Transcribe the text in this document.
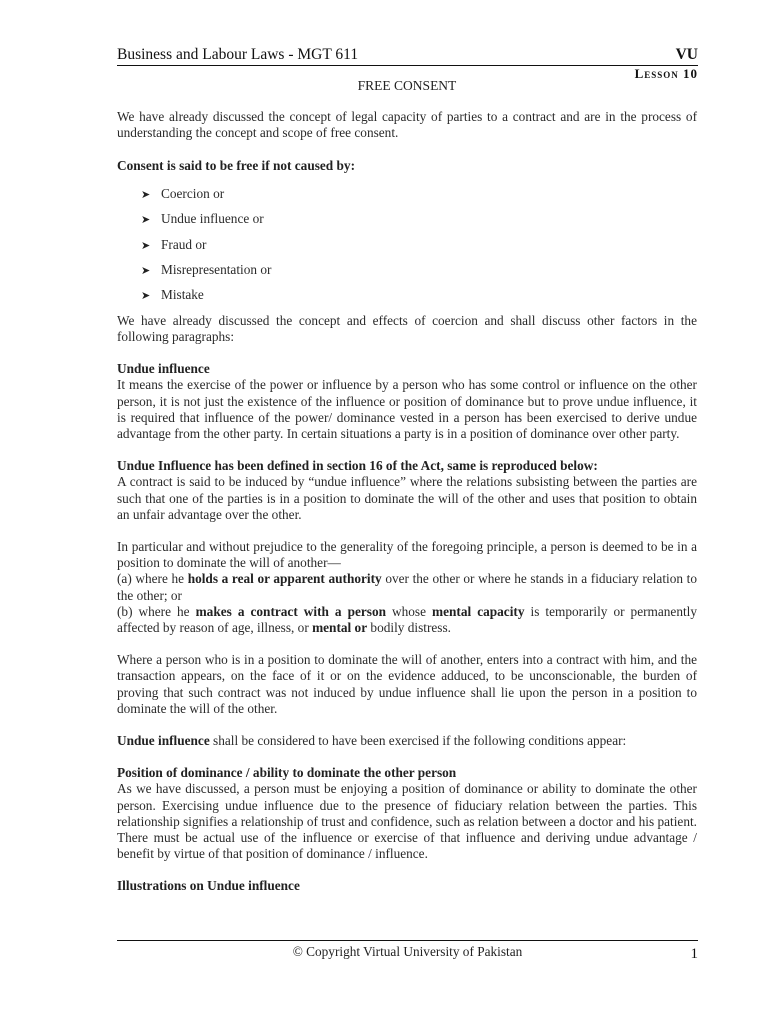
Business and Labour Laws - MGT 611	VU
Lesson 10
FREE CONSENT

We have already discussed the concept of legal capacity of parties to a contract and are in the process of understanding the concept and scope of free consent.

Consent is said to be free if not caused by:

➤ Coercion or
➤ Undue influence or
➤ Fraud or
➤ Misrepresentation or
➤ Mistake

We have already discussed the concept and effects of coercion and shall discuss other factors in the following paragraphs:

Undue influence

It means the exercise of the power or influence by a person who has some control or influence on the other person, it is not just the existence of the influence or position of dominance but to prove undue influence, it is required that influence of the power/ dominance vested in a person has been exercised to derive undue advantage from the other party. In certain situations a party is in a position of dominance over other party.

Undue Influence has been defined in section 16 of the Act, same is reproduced below:

A contract is said to be induced by “undue influence” where the relations subsisting between the parties are such that one of the parties is in a position to dominate the will of the other and uses that position to obtain an unfair advantage over the other.

In particular and without prejudice to the generality of the foregoing principle, a person is deemed to be in a position to dominate the will of another—

(a) where he holds a real or apparent authority over the other or where he stands in a fiduciary relation to the other; or

(b) where he makes a contract with a person whose mental capacity is temporarily or permanently affected by reason of age, illness, or mental or bodily distress.

Where a person who is in a position to dominate the will of another, enters into a contract with him, and the transaction appears, on the face of it or on the evidence adduced, to be unconscionable, the burden of proving that such contract was not induced by undue influence shall lie upon the person in a position to dominate the will of the other.

Undue influence shall be considered to have been exercised if the following conditions appear:

Position of dominance / ability to dominate the other person

As we have discussed, a person must be enjoying a position of dominance or ability to dominate the other person. Exercising undue influence due to the presence of fiduciary relation between the parties. This relationship signifies a relationship of trust and confidence, such as relation between a doctor and his patient. There must be actual use of the influence or exercise of that influence and deriving undue advantage / benefit by virtue of that position of dominance / influence.

Illustrations on Undue influence

© Copyright Virtual University of Pakistan	1
